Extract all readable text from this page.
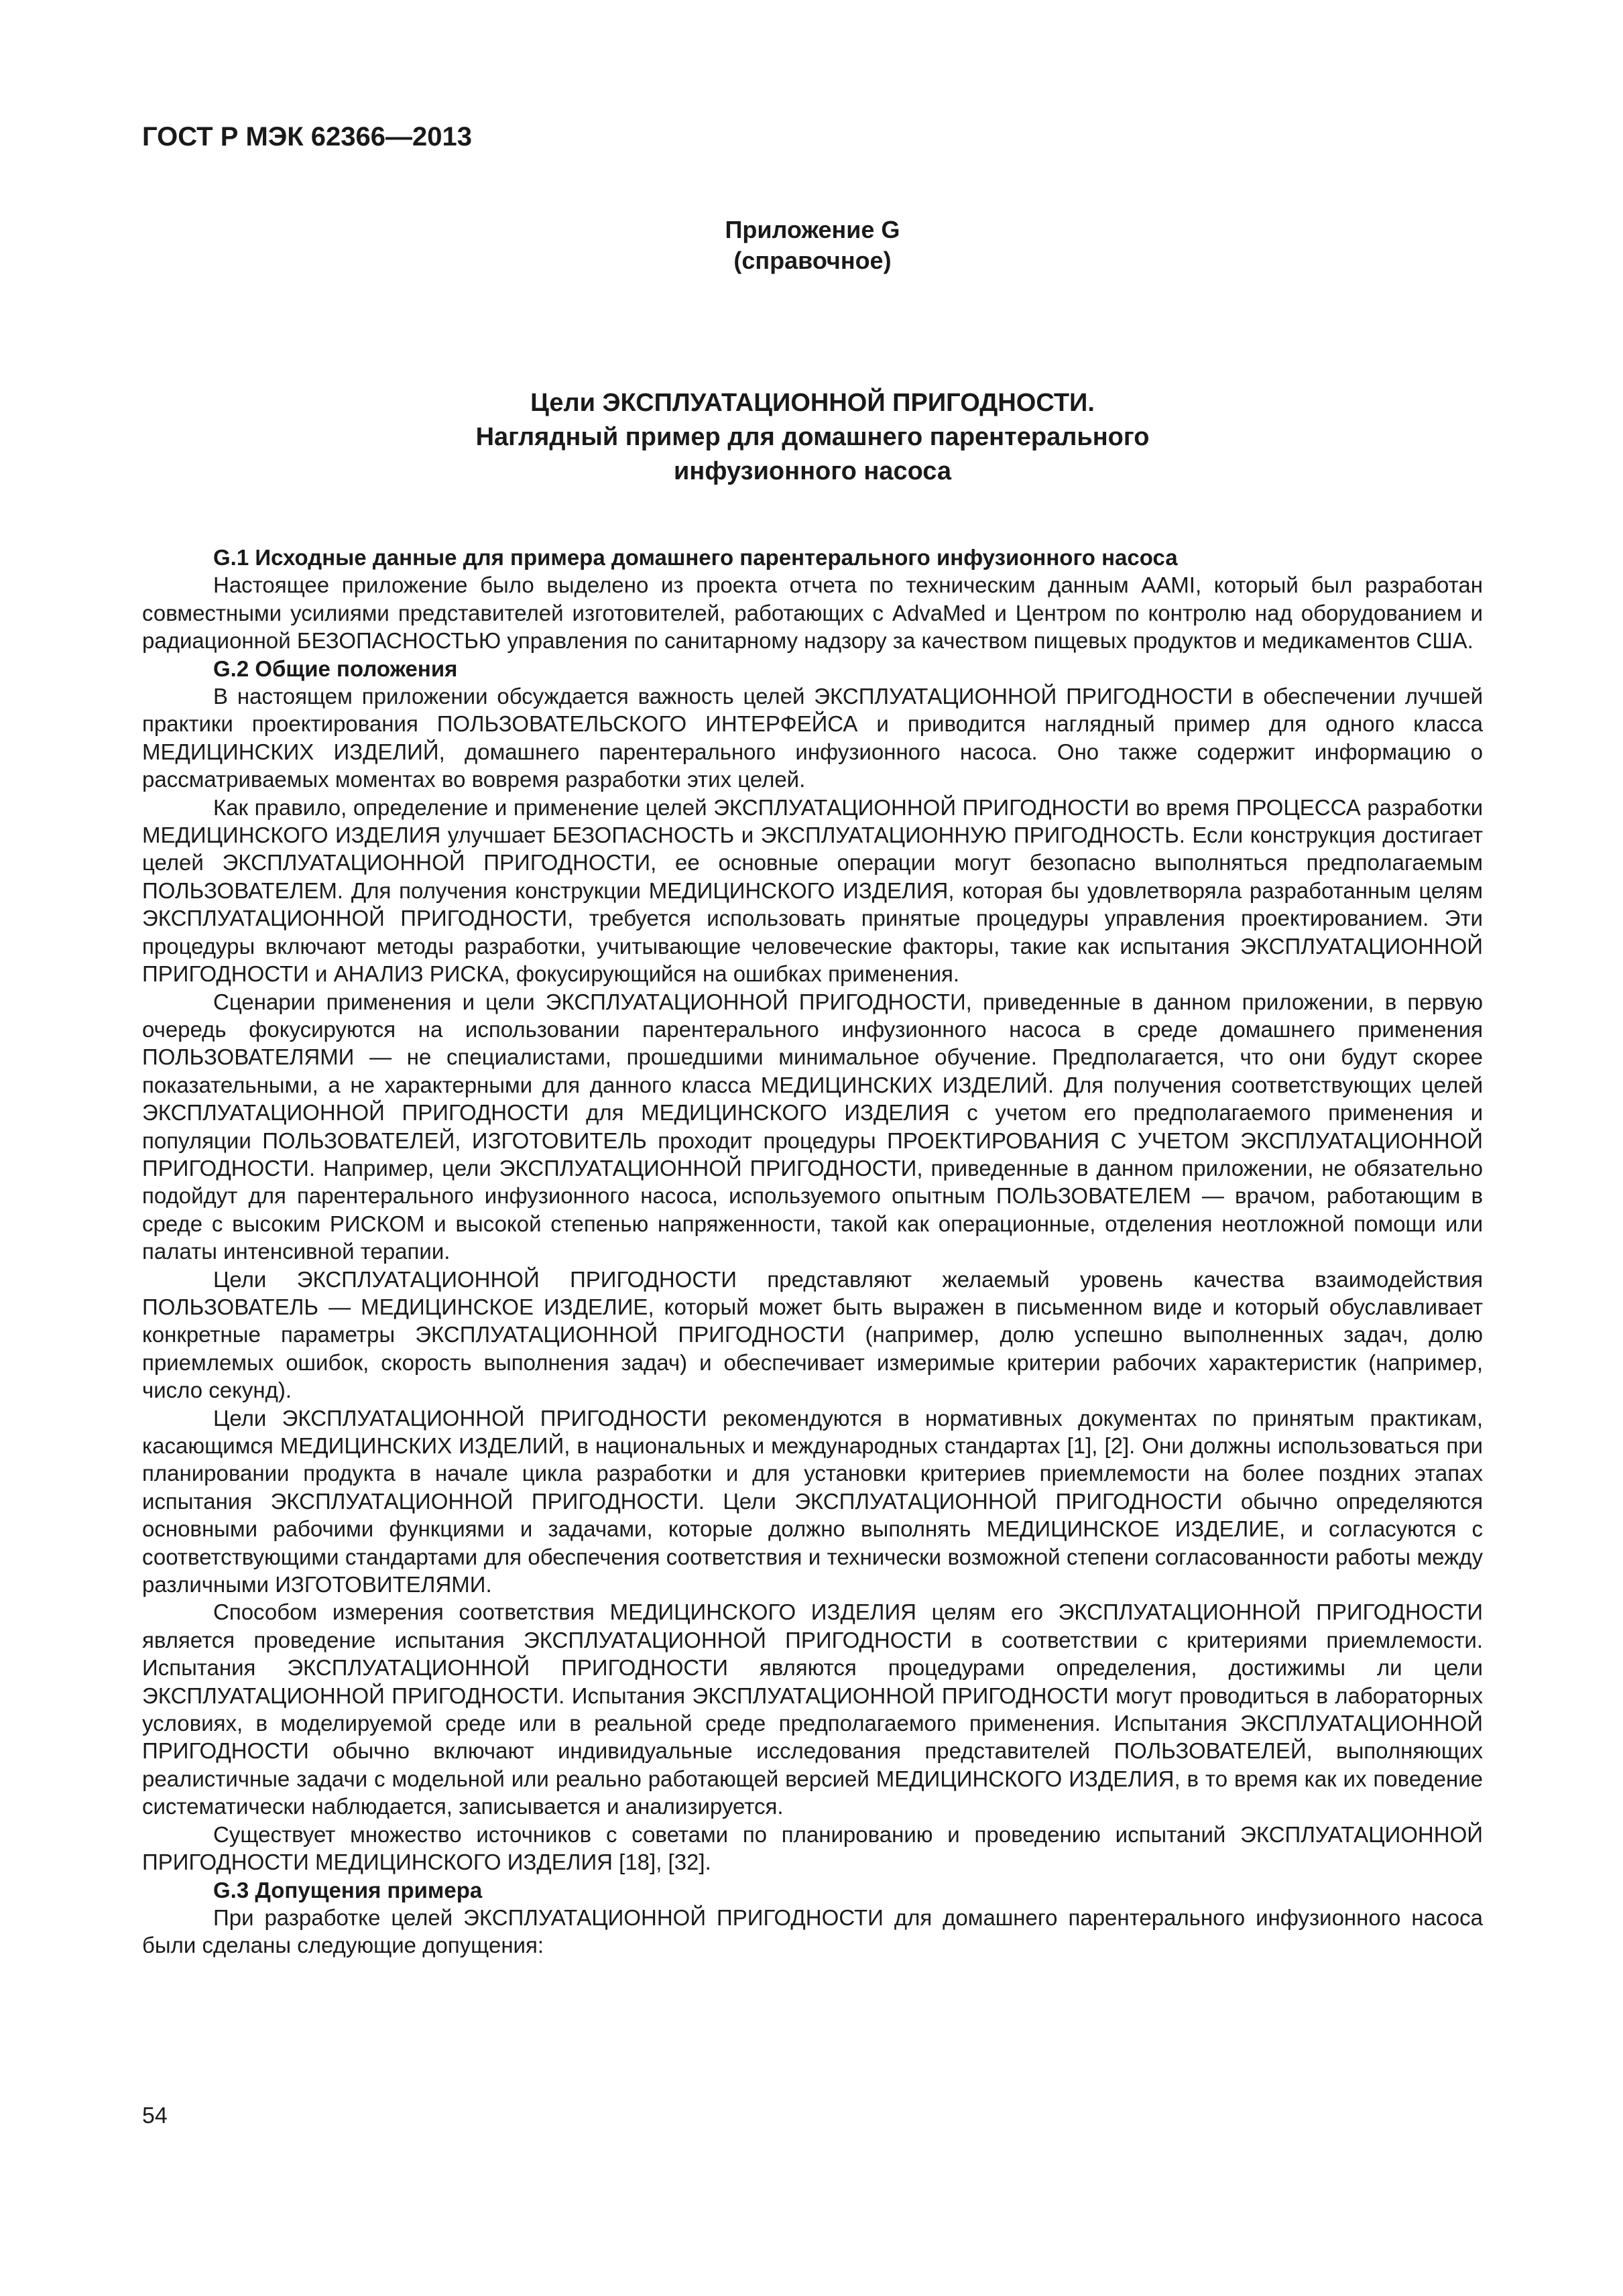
ГОСТ Р МЭК 62366—2013
Приложение G
(справочное)
Цели ЭКСПЛУАТАЦИОННОЙ ПРИГОДНОСТИ.
Наглядный пример для домашнего парентерального
инфузионного насоса
G.1 Исходные данные для примера домашнего парентерального инфузионного насоса

Настоящее приложение было выделено из проекта отчета по техническим данным AAMI, который был разработан совместными усилиями представителей изготовителей, работающих с AdvaMed и Центром по контролю над оборудованием и радиационной БЕЗОПАСНОСТЬЮ управления по санитарному надзору за качеством пищевых продуктов и медикаментов США.

G.2 Общие положения

В настоящем приложении обсуждается важность целей ЭКСПЛУАТАЦИОННОЙ ПРИГОДНОСТИ в обеспечении лучшей практики проектирования ПОЛЬЗОВАТЕЛЬСКОГО ИНТЕРФЕЙСА и приводится наглядный пример для одного класса МЕДИЦИНСКИХ ИЗДЕЛИЙ, домашнего парентерального инфузионного насоса. Оно также содержит информацию о рассматриваемых моментах во вовремя разработки этих целей.

Как правило, определение и применение целей ЭКСПЛУАТАЦИОННОЙ ПРИГОДНОСТИ во время ПРОЦЕССА разработки МЕДИЦИНСКОГО ИЗДЕЛИЯ улучшает БЕЗОПАСНОСТЬ и ЭКСПЛУАТАЦИОННУЮ ПРИГОДНОСТЬ. Если конструкция достигает целей ЭКСПЛУАТАЦИОННОЙ ПРИГОДНОСТИ, ее основные операции могут безопасно выполняться предполагаемым ПОЛЬЗОВАТЕЛЕМ. Для получения конструкции МЕДИЦИНСКОГО ИЗДЕЛИЯ, которая бы удовлетворяла разработанным целям ЭКСПЛУАТАЦИОННОЙ ПРИГОДНОСТИ, требуется использовать принятые процедуры управления проектированием. Эти процедуры включают методы разработки, учитывающие человеческие факторы, такие как испытания ЭКСПЛУАТАЦИОННОЙ ПРИГОДНОСТИ и АНАЛИЗ РИСКА, фокусирующийся на ошибках применения.

Сценарии применения и цели ЭКСПЛУАТАЦИОННОЙ ПРИГОДНОСТИ, приведенные в данном приложении, в первую очередь фокусируются на использовании парентерального инфузионного насоса в среде домашнего применения ПОЛЬЗОВАТЕЛЯМИ — не специалистами, прошедшими минимальное обучение. Предполагается, что они будут скорее показательными, а не характерными для данного класса МЕДИЦИНСКИХ ИЗДЕЛИЙ. Для получения соответствующих целей ЭКСПЛУАТАЦИОННОЙ ПРИГОДНОСТИ для МЕДИЦИНСКОГО ИЗДЕЛИЯ с учетом его предполагаемого применения и популяции ПОЛЬЗОВАТЕЛЕЙ, ИЗГОТОВИТЕЛЬ проходит процедуры ПРОЕКТИРОВАНИЯ С УЧЕТОМ ЭКСПЛУАТАЦИОННОЙ ПРИГОДНОСТИ. Например, цели ЭКСПЛУАТАЦИОННОЙ ПРИГОДНОСТИ, приведенные в данном приложении, не обязательно подойдут для парентерального инфузионного насоса, используемого опытным ПОЛЬЗОВАТЕЛЕМ — врачом, работающим в среде с высоким РИСКОМ и высокой степенью напряженности, такой как операционные, отделения неотложной помощи или палаты интенсивной терапии.

Цели ЭКСПЛУАТАЦИОННОЙ ПРИГОДНОСТИ представляют желаемый уровень качества взаимодействия ПОЛЬЗОВАТЕЛЬ — МЕДИЦИНСКОЕ ИЗДЕЛИЕ, который может быть выражен в письменном виде и который обуславливает конкретные параметры ЭКСПЛУАТАЦИОННОЙ ПРИГОДНОСТИ (например, долю успешно выполненных задач, долю приемлемых ошибок, скорость выполнения задач) и обеспечивает измеримые критерии рабочих характеристик (например, число секунд).

Цели ЭКСПЛУАТАЦИОННОЙ ПРИГОДНОСТИ рекомендуются в нормативных документах по принятым практикам, касающимся МЕДИЦИНСКИХ ИЗДЕЛИЙ, в национальных и международных стандартах [1], [2]. Они должны использоваться при планировании продукта в начале цикла разработки и для установки критериев приемлемости на более поздних этапах испытания ЭКСПЛУАТАЦИОННОЙ ПРИГОДНОСТИ. Цели ЭКСПЛУАТАЦИОННОЙ ПРИГОДНОСТИ обычно определяются основными рабочими функциями и задачами, которые должно выполнять МЕДИЦИНСКОЕ ИЗДЕЛИЕ, и согласуются с соответствующими стандартами для обеспечения соответствия и технически возможной степени согласованности работы между различными ИЗГОТОВИТЕЛЯМИ.

Способом измерения соответствия МЕДИЦИНСКОГО ИЗДЕЛИЯ целям его ЭКСПЛУАТАЦИОННОЙ ПРИГОДНОСТИ является проведение испытания ЭКСПЛУАТАЦИОННОЙ ПРИГОДНОСТИ в соответствии с критериями приемлемости. Испытания ЭКСПЛУАТАЦИОННОЙ ПРИГОДНОСТИ являются процедурами определения, достижимы ли цели ЭКСПЛУАТАЦИОННОЙ ПРИГОДНОСТИ. Испытания ЭКСПЛУАТАЦИОННОЙ ПРИГОДНОСТИ могут проводиться в лабораторных условиях, в моделируемой среде или в реальной среде предполагаемого применения. Испытания ЭКСПЛУАТАЦИОННОЙ ПРИГОДНОСТИ обычно включают индивидуальные исследования представителей ПОЛЬЗОВАТЕЛЕЙ, выполняющих реалистичные задачи с модельной или реально работающей версией МЕДИЦИНСКОГО ИЗДЕЛИЯ, в то время как их поведение систематически наблюдается, записывается и анализируется.

Существует множество источников с советами по планированию и проведению испытаний ЭКСПЛУАТАЦИОННОЙ ПРИГОДНОСТИ МЕДИЦИНСКОГО ИЗДЕЛИЯ [18], [32].

G.3 Допущения примера

При разработке целей ЭКСПЛУАТАЦИОННОЙ ПРИГОДНОСТИ для домашнего парентерального инфузионного насоса были сделаны следующие допущения:

54
